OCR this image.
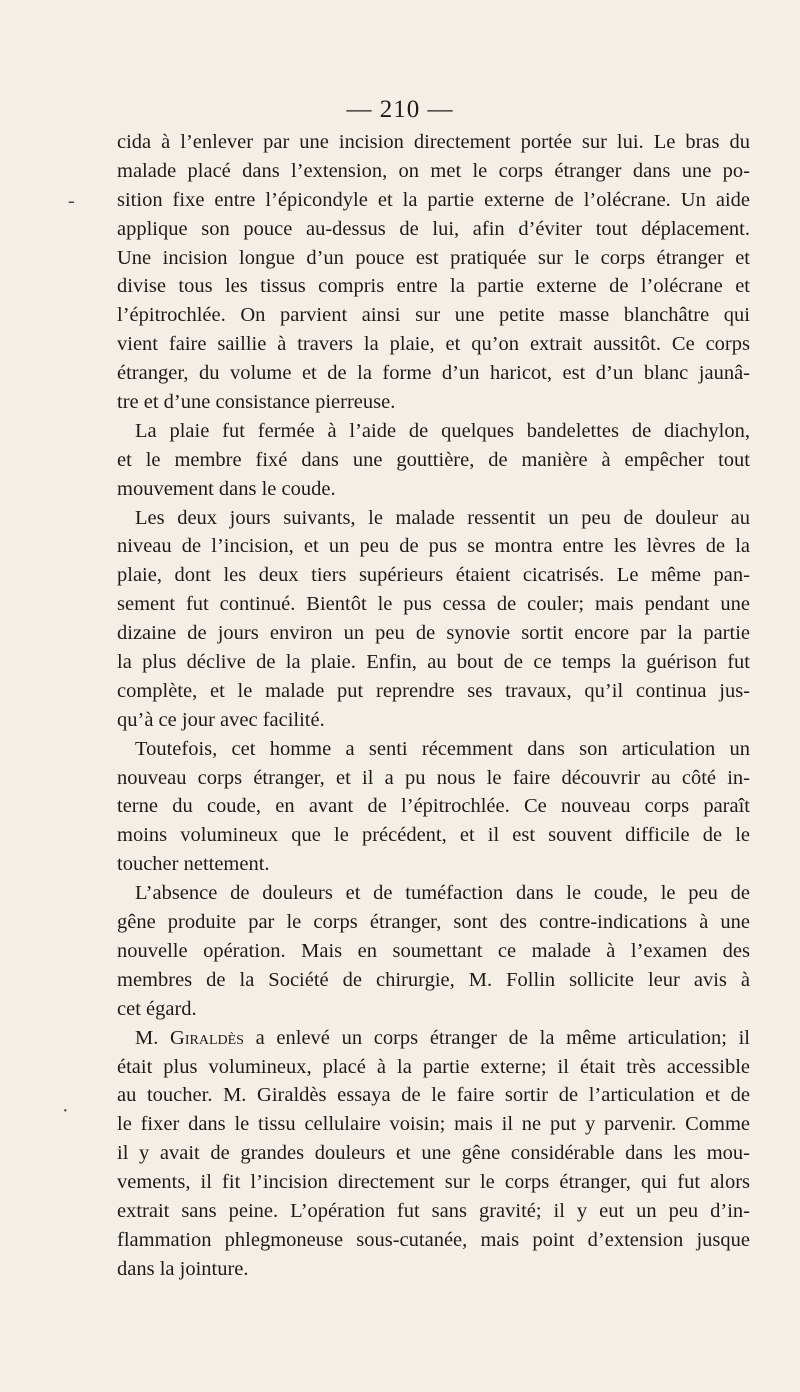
— 210 —
-
·
cida à l’enlever par une incision directement portée sur lui. Le bras du
malade placé dans l’extension, on met le corps étranger dans une po-
sition fixe entre l’épicondyle et la partie externe de l’olécrane. Un aide
applique son pouce au-dessus de lui, afin d’éviter tout déplacement.
Une incision longue d’un pouce est pratiquée sur le corps étranger et
divise tous les tissus compris entre la partie externe de l’olécrane et
l’épitrochlée. On parvient ainsi sur une petite masse blanchâtre qui
vient faire saillie à travers la plaie, et qu’on extrait aussitôt. Ce corps
étranger, du volume et de la forme d’un haricot, est d’un blanc jaunâ-
tre et d’une consistance pierreuse.
La plaie fut fermée à l’aide de quelques bandelettes de diachylon,
et le membre fixé dans une gouttière, de manière à empêcher tout
mouvement dans le coude.
Les deux jours suivants, le malade ressentit un peu de douleur au
niveau de l’incision, et un peu de pus se montra entre les lèvres de la
plaie, dont les deux tiers supérieurs étaient cicatrisés. Le même pan-
sement fut continué. Bientôt le pus cessa de couler; mais pendant une
dizaine de jours environ un peu de synovie sortit encore par la partie
la plus déclive de la plaie. Enfin, au bout de ce temps la guérison fut
complète, et le malade put reprendre ses travaux, qu’il continua jus-
qu’à ce jour avec facilité.
Toutefois, cet homme a senti récemment dans son articulation un
nouveau corps étranger, et il a pu nous le faire découvrir au côté in-
terne du coude, en avant de l’épitrochlée. Ce nouveau corps paraît
moins volumineux que le précédent, et il est souvent difficile de le
toucher nettement.
L’absence de douleurs et de tuméfaction dans le coude, le peu de
gêne produite par le corps étranger, sont des contre-indications à une
nouvelle opération. Mais en soumettant ce malade à l’examen des
membres de la Société de chirurgie, M. Follin sollicite leur avis à
cet égard.
M. Giraldès a enlevé un corps étranger de la même articulation; il
était plus volumineux, placé à la partie externe; il était très accessible
au toucher. M. Giraldès essaya de le faire sortir de l’articulation et de
le fixer dans le tissu cellulaire voisin; mais il ne put y parvenir. Comme
il y avait de grandes douleurs et une gêne considérable dans les mou-
vements, il fit l’incision directement sur le corps étranger, qui fut alors
extrait sans peine. L’opération fut sans gravité; il y eut un peu d’in-
flammation phlegmoneuse sous-cutanée, mais point d’extension jusque
dans la jointure.
